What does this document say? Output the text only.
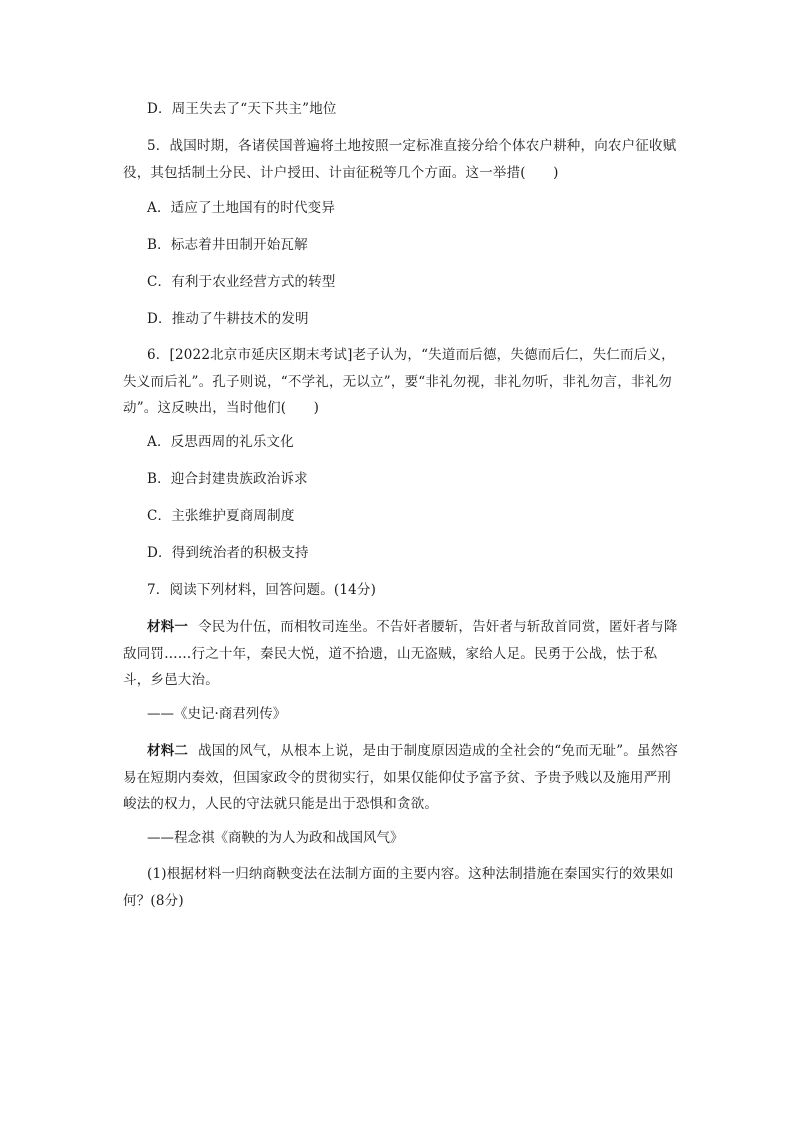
D．周王失去了“天下共主”地位
5．战国时期，各诸侯国普遍将土地按照一定标准直接分给个体农户耕种，向农户征收赋役，其包括制土分民、计户授田、计亩征税等几个方面。这一举措(　　)
A．适应了土地国有的时代变异
B．标志着井田制开始瓦解
C．有利于农业经营方式的转型
D．推动了牛耕技术的发明
6．[2022北京市延庆区期末考试]老子认为，“失道而后德，失德而后仁，失仁而后义，失义而后礼”。孔子则说，“不学礼，无以立”，要“非礼勿视，非礼勿听，非礼勿言，非礼勿动”。这反映出，当时他们(　　)
A．反思西周的礼乐文化
B．迎合封建贵族政治诉求
C．主张维护夏商周制度
D．得到统治者的积极支持
7．阅读下列材料，回答问题。(14分)
材料一 令民为什伍，而相牧司连坐。不告奸者腰斩，告奸者与斩敌首同赏，匿奸者与降敌同罚……行之十年，秦民大悦，道不拾遗，山无盗贼，家给人足。民勇于公战，怯于私斗，乡邑大治。
——《史记·商君列传》
材料二 战国的风气，从根本上说，是由于制度原因造成的全社会的“免而无耻”。虽然容易在短期内奏效，但国家政令的贯彻实行，如果仅能仰仗予富予贫、予贵予贱以及施用严刑峻法的权力，人民的守法就只能是出于恐惧和贪欲。
——程念祺《商鞅的为人为政和战国风气》
(1)根据材料一归纳商鞅变法在法制方面的主要内容。这种法制措施在秦国实行的效果如何？(8分)
